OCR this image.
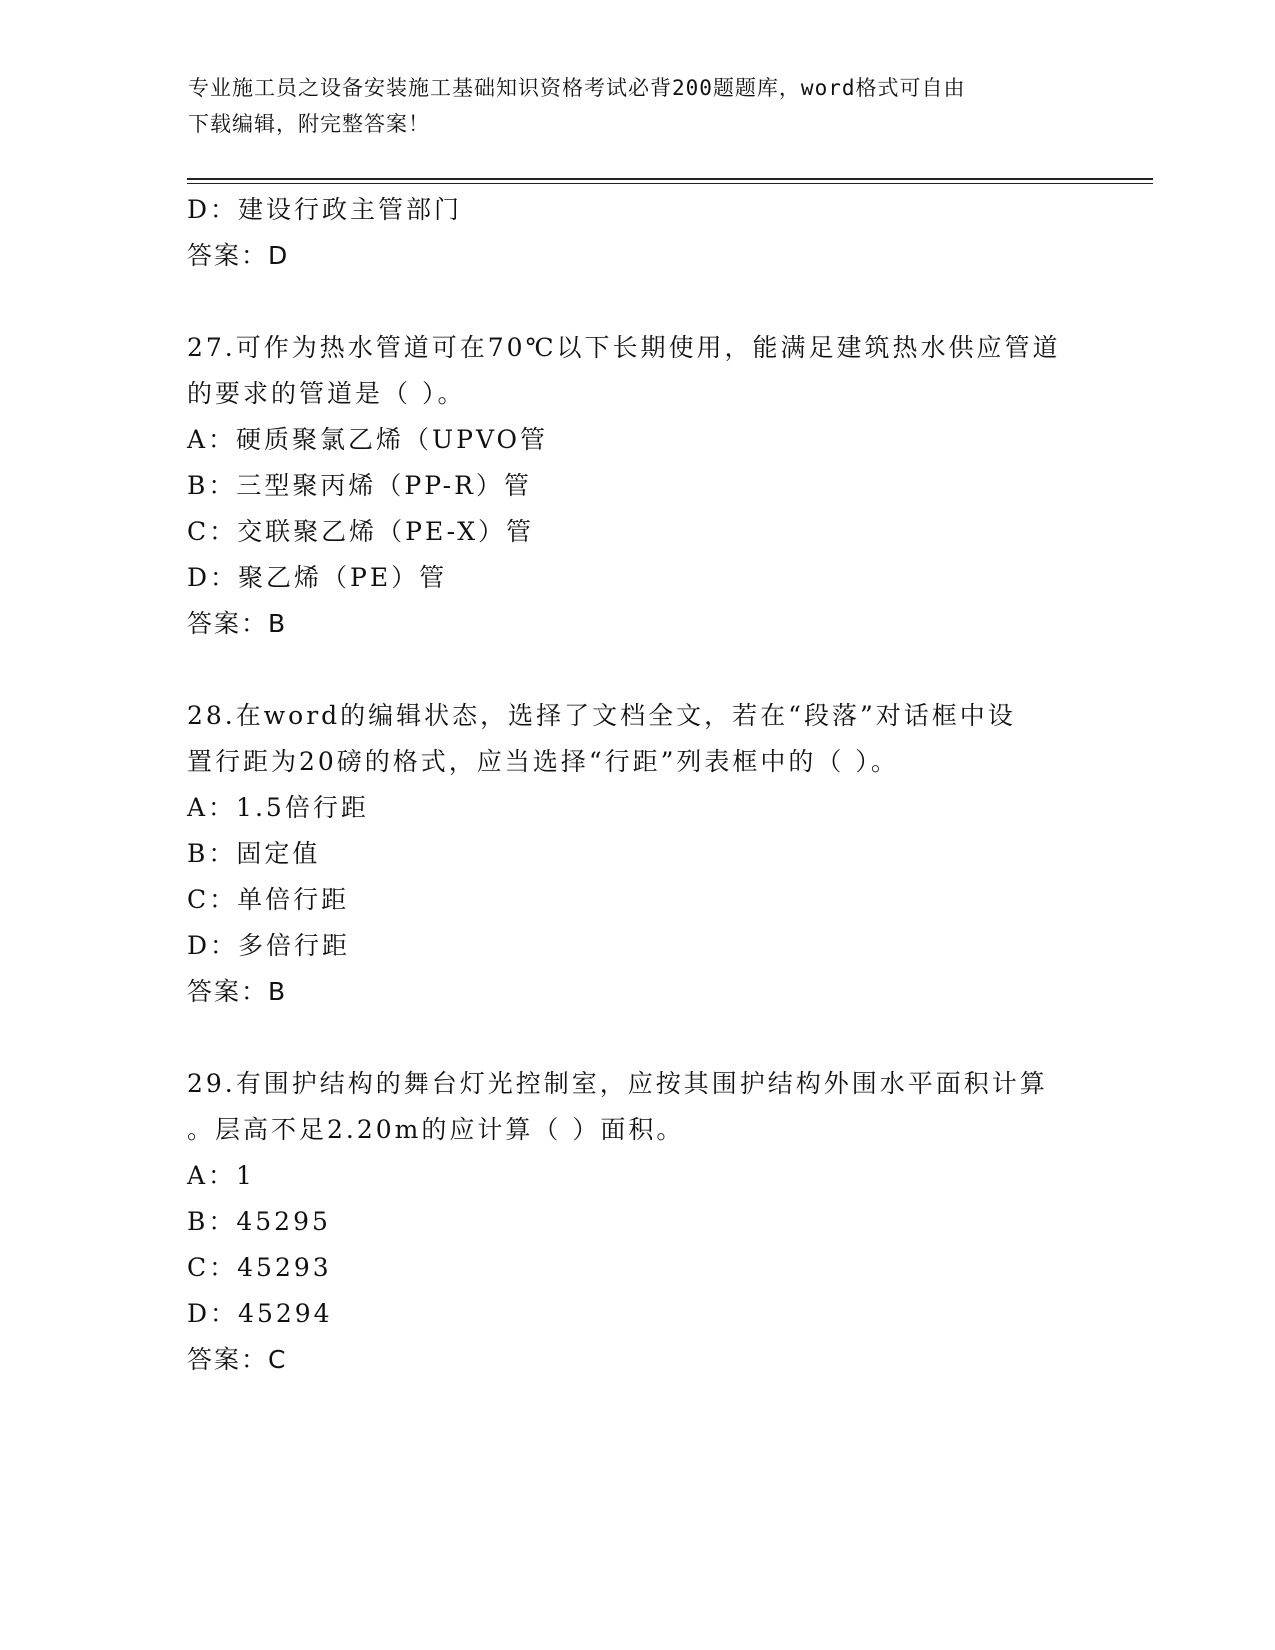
专业施工员之设备安装施工基础知识资格考试必背200题题库，word格式可自由
下载编辑，附完整答案！
D：建设行政主管部门
答案：D
27.可作为热水管道可在70℃以下长期使用，能满足建筑热水供应管道
的要求的管道是（ ）。
A：硬质聚氯乙烯（UPVO管
B：三型聚丙烯（PP-R）管
C：交联聚乙烯（PE-X）管
D：聚乙烯（PE）管
答案：B
28.在word的编辑状态，选择了文档全文，若在“段落”对话框中设
置行距为20磅的格式，应当选择“行距”列表框中的（ ）。
A：1.5倍行距
B：固定值
C：单倍行距
D：多倍行距
答案：B
29.有围护结构的舞台灯光控制室，应按其围护结构外围水平面积计算
。层高不足2.20m的应计算（ ）面积。
A：1
B：45295
C：45293
D：45294
答案：C
